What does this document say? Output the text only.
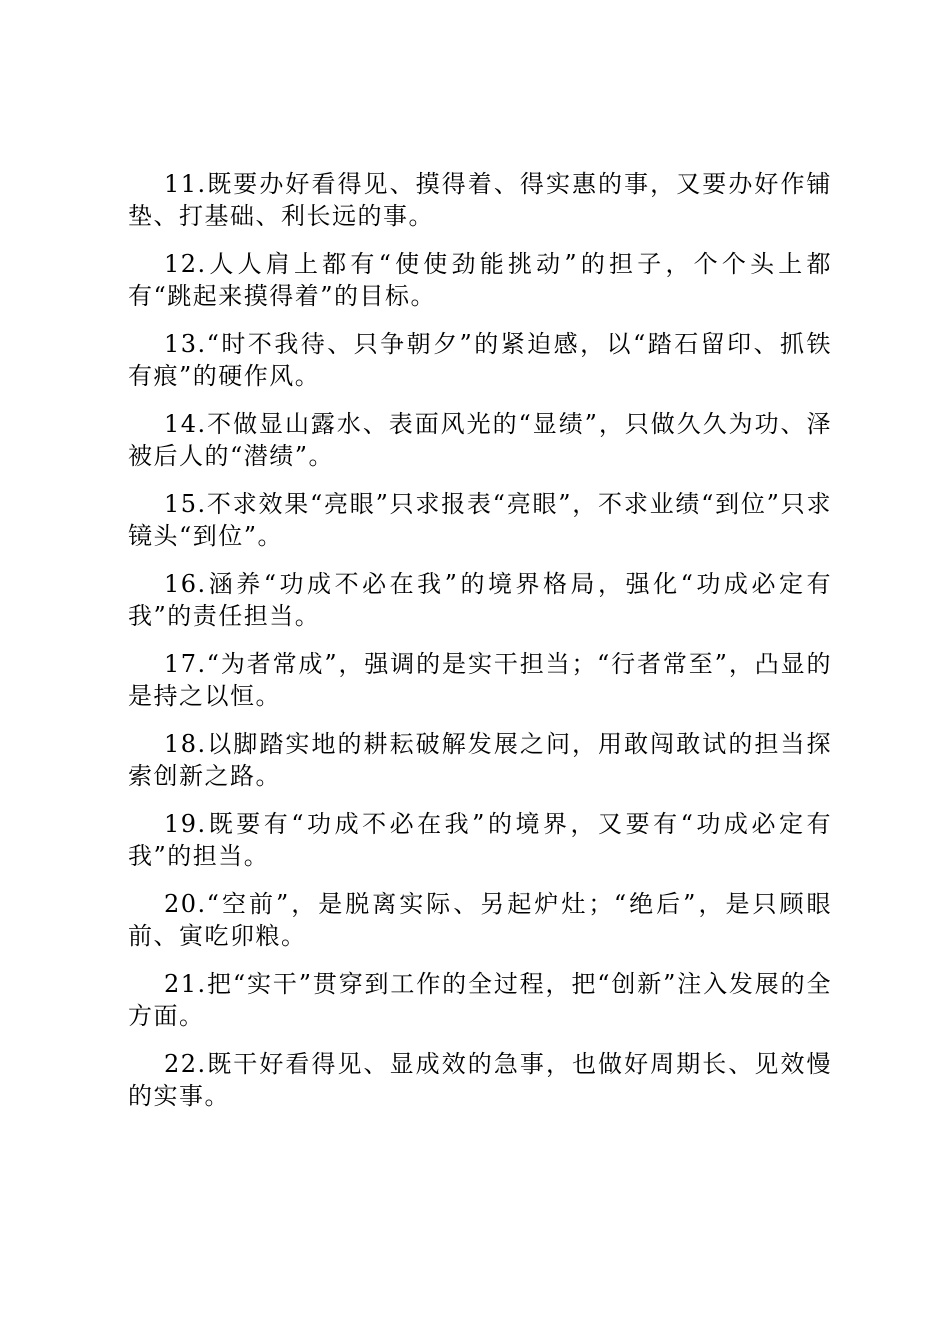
11.既要办好看得见、摸得着、得实惠的事，又要办好作铺垫、打基础、利长远的事。

12.人人肩上都有“使使劲能挑动”的担子，个个头上都有“跳起来摸得着”的目标。

13.“时不我待、只争朝夕”的紧迫感，以“踏石留印、抓铁有痕”的硬作风。

14.不做显山露水、表面风光的“显绩”，只做久久为功、泽被后人的“潜绩”。

15.不求效果“亮眼”只求报表“亮眼”，不求业绩“到位”只求镜头“到位”。

16.涵养“功成不必在我”的境界格局，强化“功成必定有我”的责任担当。

17.“为者常成”，强调的是实干担当；“行者常至”，凸显的是持之以恒。

18.以脚踏实地的耕耘破解发展之问，用敢闯敢试的担当探索创新之路。

19.既要有“功成不必在我”的境界，又要有“功成必定有我”的担当。

20.“空前”，是脱离实际、另起炉灶；“绝后”，是只顾眼前、寅吃卯粮。

21.把“实干”贯穿到工作的全过程，把“创新”注入发展的全方面。

22.既干好看得见、显成效的急事，也做好周期长、见效慢的实事。
